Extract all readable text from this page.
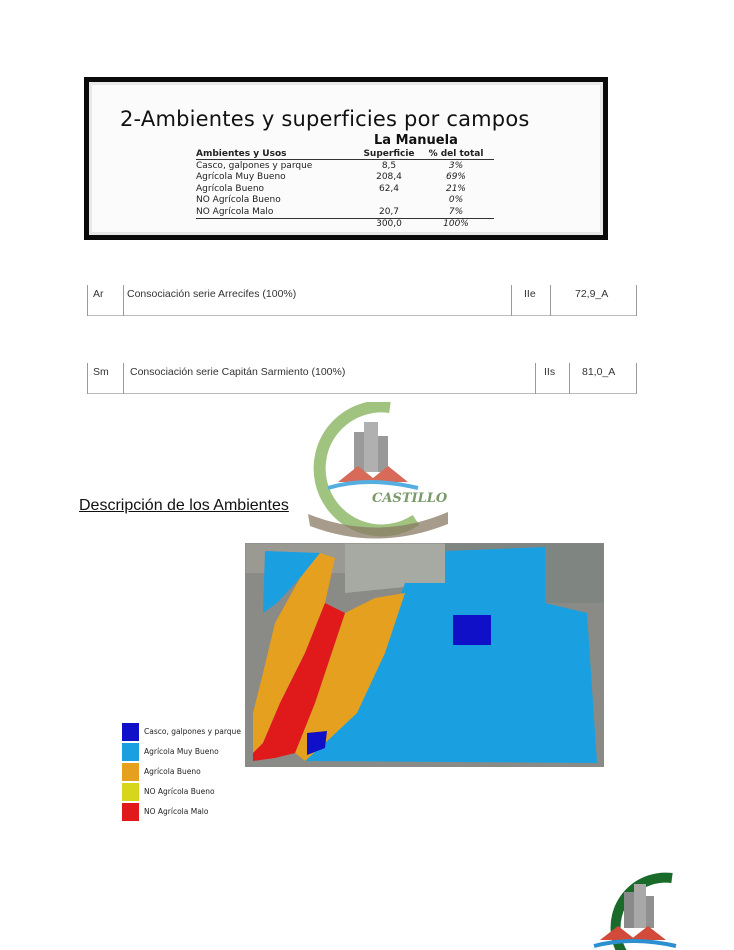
2-Ambientes y superficies por campos
La Manuela
Ambientes y Usos	Superficie	% del total
Casco, galpones y parque	8,5	3%
Agrícola Muy Bueno	208,4	69%
Agrícola Bueno	62,4	21%
NO Agrícola Bueno		0%
NO Agrícola Malo	20,7	7%
	300,0	100%
Ar Consociación serie Arrecifes (100%)	IIe	72,9_A
Sm Consociación serie Capitán Sarmiento (100%)	IIs	81,0_A
CASTILLO
Descripción de los Ambientes
Casco, galpones y parque
Agrícola Muy Bueno
Agrícola Bueno
NO Agrícola Bueno
NO Agrícola Malo
